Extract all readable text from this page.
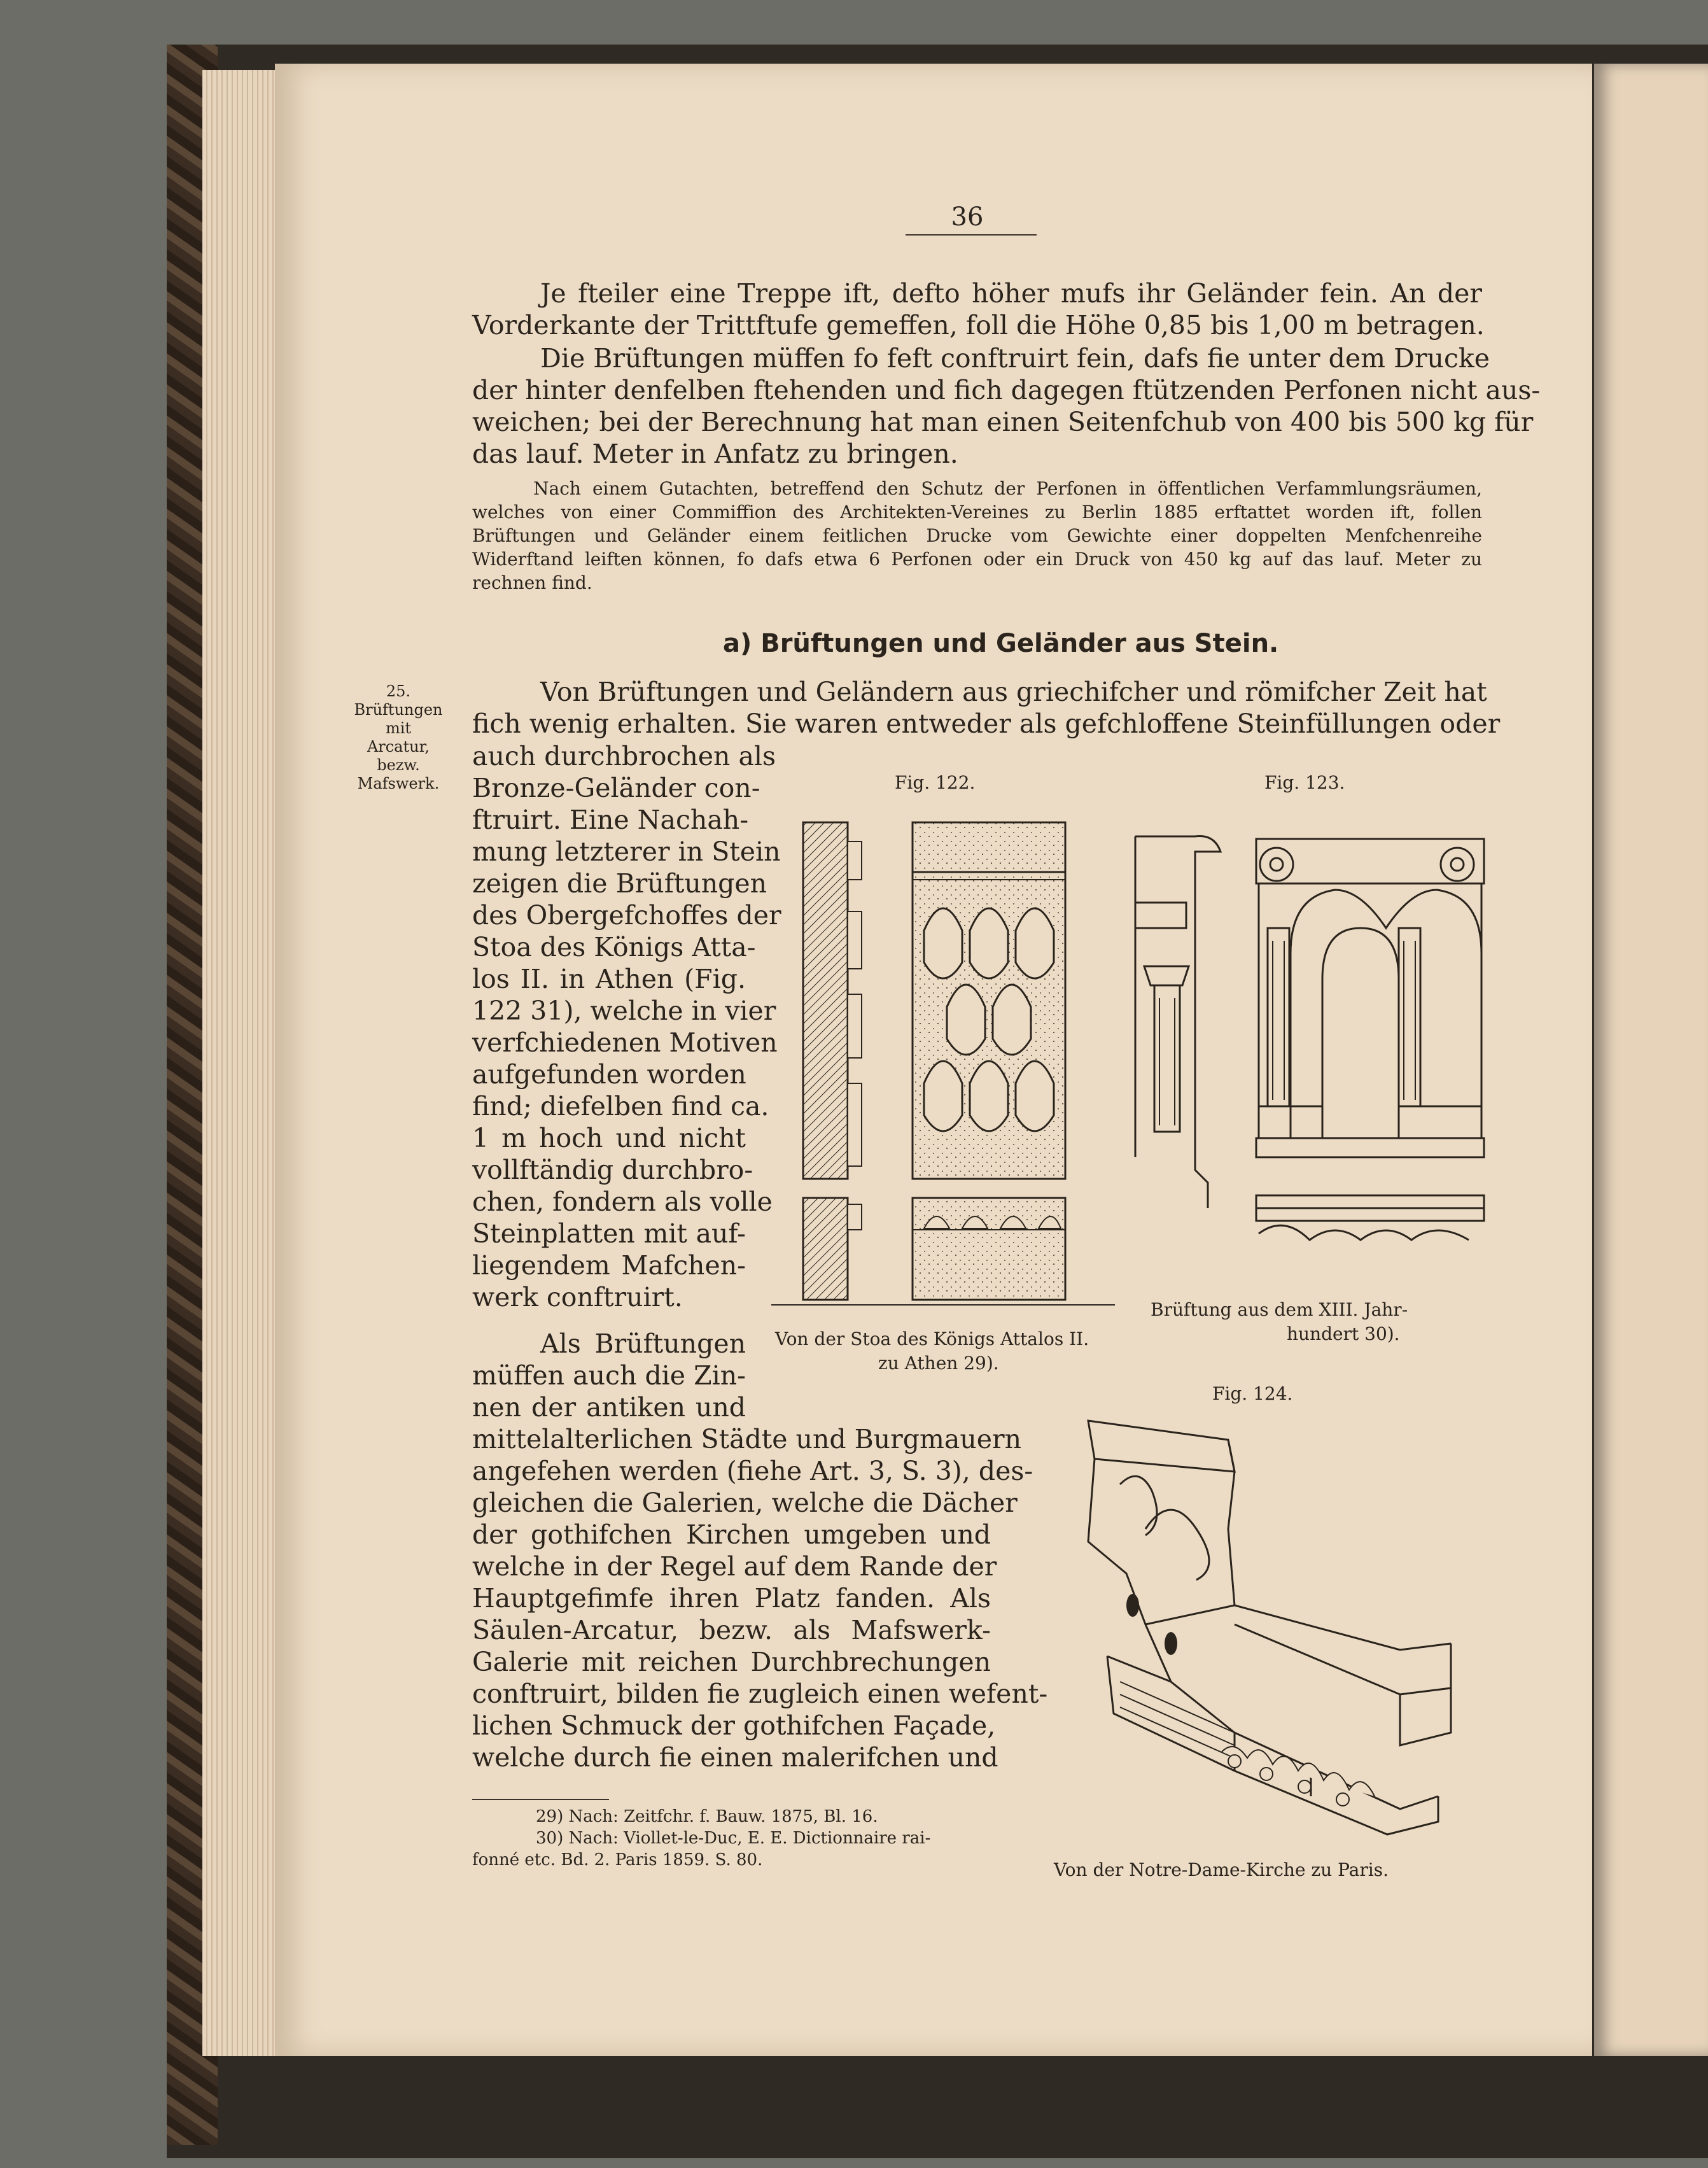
36
Je fteiler eine Treppe ift, defto höher mufs ihr Geländer fein. An der
Vorderkante der Trittftufe gemeffen, foll die Höhe 0,85 bis 1,00 m betragen.
Die Brüftungen müffen fo feft conftruirt fein, dafs fie unter dem Drucke
der hinter denfelben ftehenden und fich dagegen ftützenden Perfonen nicht aus-
weichen; bei der Berechnung hat man einen Seitenfchub von 400 bis 500 kg für
das lauf. Meter in Anfatz zu bringen.
Nach einem Gutachten, betreffend den Schutz der Perfonen in öffentlichen Verfammlungsräumen,
welches von einer Commiffion des Architekten-Vereines zu Berlin 1885 erftattet worden ift, follen
Brüftungen und Geländer einem feitlichen Drucke vom Gewichte einer doppelten Menfchenreihe
Widerftand leiften können, fo dafs etwa 6 Perfonen oder ein Druck von 450 kg auf das lauf. Meter zu
rechnen find.
a) Brüftungen und Geländer aus Stein.
25.
Brüftungen
mit
Arcatur,
bezw.
Mafswerk.
Von Brüftungen und Geländern aus griechifcher und römifcher Zeit hat
fich wenig erhalten. Sie waren entweder als gefchloffene Steinfüllungen oder
auch durchbrochen als
Bronze-Geländer con-
ftruirt. Eine Nachah-
mung letzterer in Stein
zeigen die Brüftungen
des Obergefchoffes der
Stoa des Königs Atta-
los II. in Athen (Fig.
122 31), welche in vier
verfchiedenen Motiven
aufgefunden worden
find; diefelben find ca.
1 m hoch und nicht
vollftändig durchbro-
chen, fondern als volle
Steinplatten mit auf-
liegendem Mafchen-
werk conftruirt.
Als Brüftungen
müffen auch die Zin-
nen der antiken und
mittelalterlichen Städte und Burgmauern
angefehen werden (fiehe Art. 3, S. 3), des-
gleichen die Galerien, welche die Dächer
der gothifchen Kirchen umgeben und
welche in der Regel auf dem Rande der
Hauptgefimfe ihren Platz fanden. Als
Säulen-Arcatur, bezw. als Mafswerk-
Galerie mit reichen Durchbrechungen
conftruirt, bilden fie zugleich einen wefent-
lichen Schmuck der gothifchen Façade,
welche durch fie einen malerifchen und
29) Nach: Zeitfchr. f. Bauw. 1875, Bl. 16.
30) Nach: Viollet-le-Duc, E. E. Dictionnaire rai-
fonné etc. Bd. 2. Paris 1859. S. 80.
Fig. 122.
Von der Stoa des Königs Attalos II.
zu Athen 29).
Fig. 123.
Brüftung aus dem XIII. Jahr-
hundert 30).
Fig. 124.
Von der Notre-Dame-Kirche zu Paris.
